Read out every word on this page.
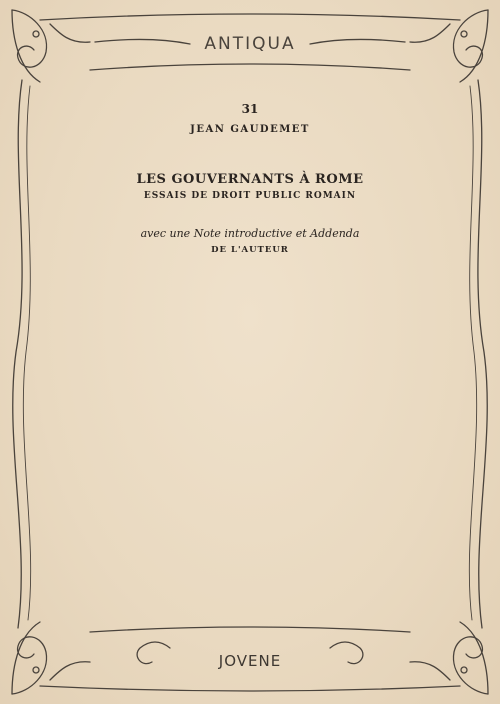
ANTIQUA

31

JEAN GAUDEMET

LES GOUVERNANTS À ROME

ESSAIS DE DROIT PUBLIC ROMAIN

avec une Note introductive et Addenda

DE L'AUTEUR

JOVENE
